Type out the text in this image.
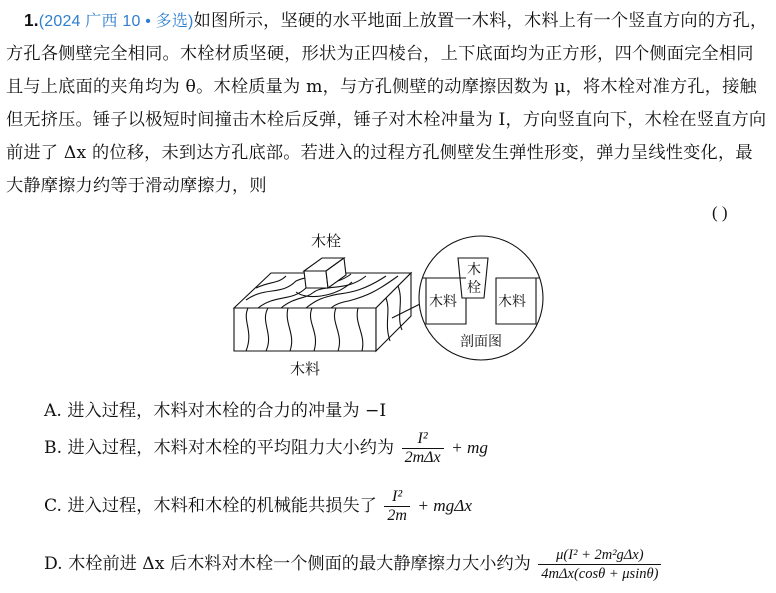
1.(2024 广西 10 • 多选)如图所示，坚硬的水平地面上放置一木料，木料上有一个竖直方向的方孔，方孔各侧壁完全相同。木栓材质坚硬，形状为正四棱台，上下底面均为正方形，四个侧面完全相同且与上底面的夹角均为 θ。木栓质量为 m，与方孔侧壁的动摩擦因数为 μ，将木栓对准方孔，接触但无挤压。锤子以极短时间撞击木栓后反弹，锤子对木栓冲量为 I，方向竖直向下，木栓在竖直方向前进了 Δx 的位移，未到达方孔底部。若进入的过程方孔侧壁发生弹性形变，弹力呈线性变化，最大静摩擦力约等于滑动摩擦力，则
( )
木栓
木料
木料	木料
木
栓
剖面图
A. 进入过程，木料对木栓的合力的冲量为 −I
B. 进入过程，木料对木栓的平均阻力大小约为 $\frac{\text{I²}}{\text{2mΔx}}$ + mg
C. 进入过程，木料和木栓的机械能共损失了 $\frac{\text{I²}}{2m} + mg\Delta x$
D. 木栓前进 Δx 后木料对木栓一个侧面的最大静摩擦力大小约为 $\frac{\text{μ(I² + 2m²gΔx)}}{\text{4mΔx(cosθ + μsinθ)}}$
